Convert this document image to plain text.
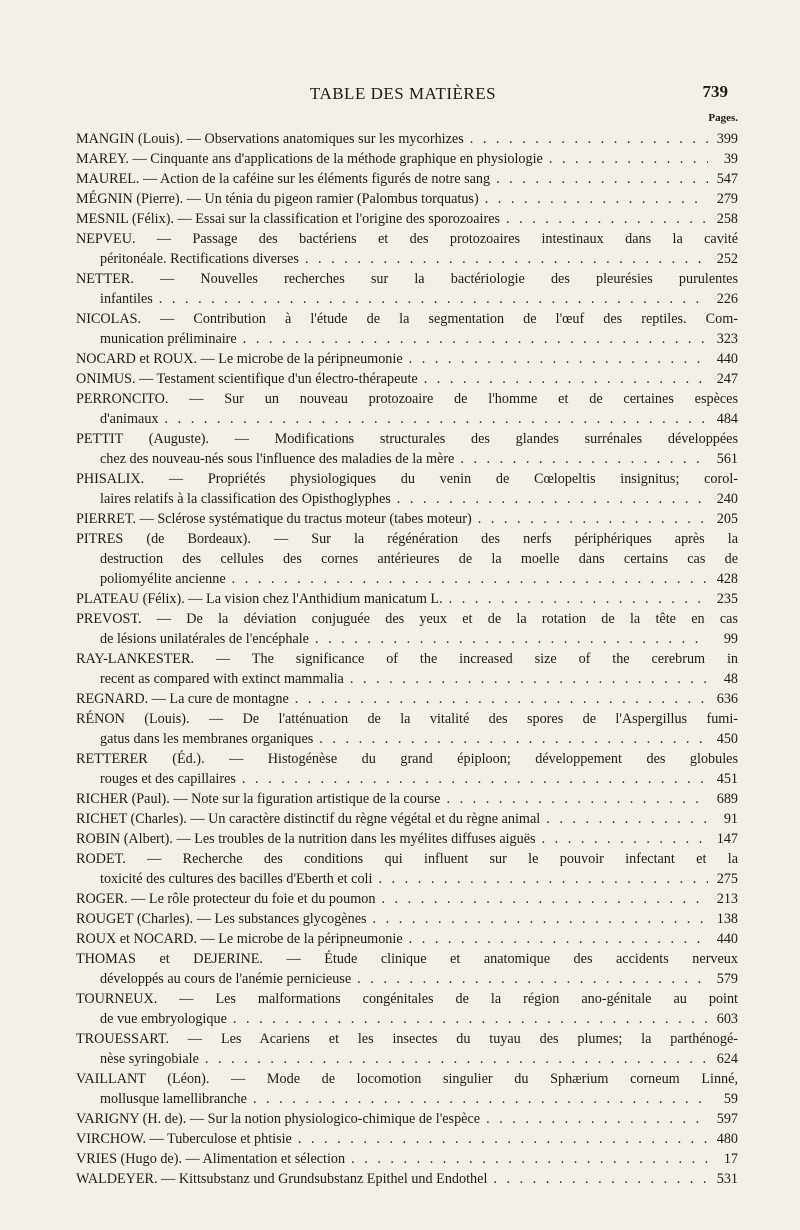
TABLE DES MATIÈRES	739
Pages.
MANGIN (Louis). — Observations anatomiques sur les mycorhizes . . .	399
MAREY. — Cinquante ans d'applications de la méthode graphique en physiologie . . .	39
MAUREL. — Action de la caféine sur les éléments figurés de notre sang . . .	547
MÉGNIN (Pierre). — Un ténia du pigeon ramier (Palombus torquatus) . . .	279
MESNIL (Félix). — Essai sur la classification et l'origine des sporozoaires . . .	258
NEPVEU. — Passage des bactériens et des protozoaires intestinaux dans la cavité
péritonéale. Rectifications diverses . . .	252
NETTER. — Nouvelles recherches sur la bactériologie des pleurésies purulentes
infantiles . . .	226
NICOLAS. — Contribution à l'étude de la segmentation de l'œuf des reptiles. Com-
munication préliminaire . . .	323
NOCARD et ROUX. — Le microbe de la péripneumonie . . .	440
ONIMUS. — Testament scientifique d'un électro-thérapeute . . .	247
PERRONCITO. — Sur un nouveau protozoaire de l'homme et de certaines espèces
d'animaux . . .	484
PETTIT (Auguste). — Modifications structurales des glandes surrénales développées
chez des nouveau-nés sous l'influence des maladies de la mère . . .	561
PHISALIX. — Propriétés physiologiques du venin de Cœlopeltis insignitus; corol-
laires relatifs à la classification des Opisthoglyphes . . .	240
PIERRET. — Sclérose systématique du tractus moteur (tabes moteur) . . .	205
PITRES (de Bordeaux). — Sur la régénération des nerfs périphériques après la
destruction des cellules des cornes antérieures de la moelle dans certains cas de
poliomyélite ancienne . . .	428
PLATEAU (Félix). — La vision chez l'Anthidium manicatum L. . . .	235
PREVOST. — De la déviation conjuguée des yeux et de la rotation de la tête en cas
de lésions unilatérales de l'encéphale . . .	99
RAY-LANKESTER. — The significance of the increased size of the cerebrum in
recent as compared with extinct mammalia . . .	48
REGNARD. — La cure de montagne . . .	636
RÉNON (Louis). — De l'atténuation de la vitalité des spores de l'Aspergillus fumi-
gatus dans les membranes organiques . . .	450
RETTERER (Éd.). — Histogénèse du grand épiploon; développement des globules
rouges et des capillaires . . .	451
RICHER (Paul). — Note sur la figuration artistique de la course . . .	689
RICHET (Charles). — Un caractère distinctif du règne végétal et du règne animal . . .	91
ROBIN (Albert). — Les troubles de la nutrition dans les myélites diffuses aiguës . . .	147
RODET. — Recherche des conditions qui influent sur le pouvoir infectant et la
toxicité des cultures des bacilles d'Eberth et coli . . .	275
ROGER. — Le rôle protecteur du foie et du poumon . . .	213
ROUGET (Charles). — Les substances glycogènes . . .	138
ROUX et NOCARD. — Le microbe de la péripneumonie . . .	440
THOMAS et DEJERINE. — Étude clinique et anatomique des accidents nerveux
développés au cours de l'anémie pernicieuse . . .	579
TOURNEUX. — Les malformations congénitales de la région ano-génitale au point
de vue embryologique . . .	603
TROUESSART. — Les Acariens et les insectes du tuyau des plumes; la parthénogé-
nèse syringobiale . . .	624
VAILLANT (Léon). — Mode de locomotion singulier du Sphærium corneum Linné,
mollusque lamellibranche . . .	59
VARIGNY (H. de). — Sur la notion physiologico-chimique de l'espèce . . .	597
VIRCHOW. — Tuberculose et phtisie . . .	480
VRIES (Hugo de). — Alimentation et sélection . . .	17
WALDEYER. — Kittsubstanz und Grundsubstanz Epithel und Endothel . . .	531
